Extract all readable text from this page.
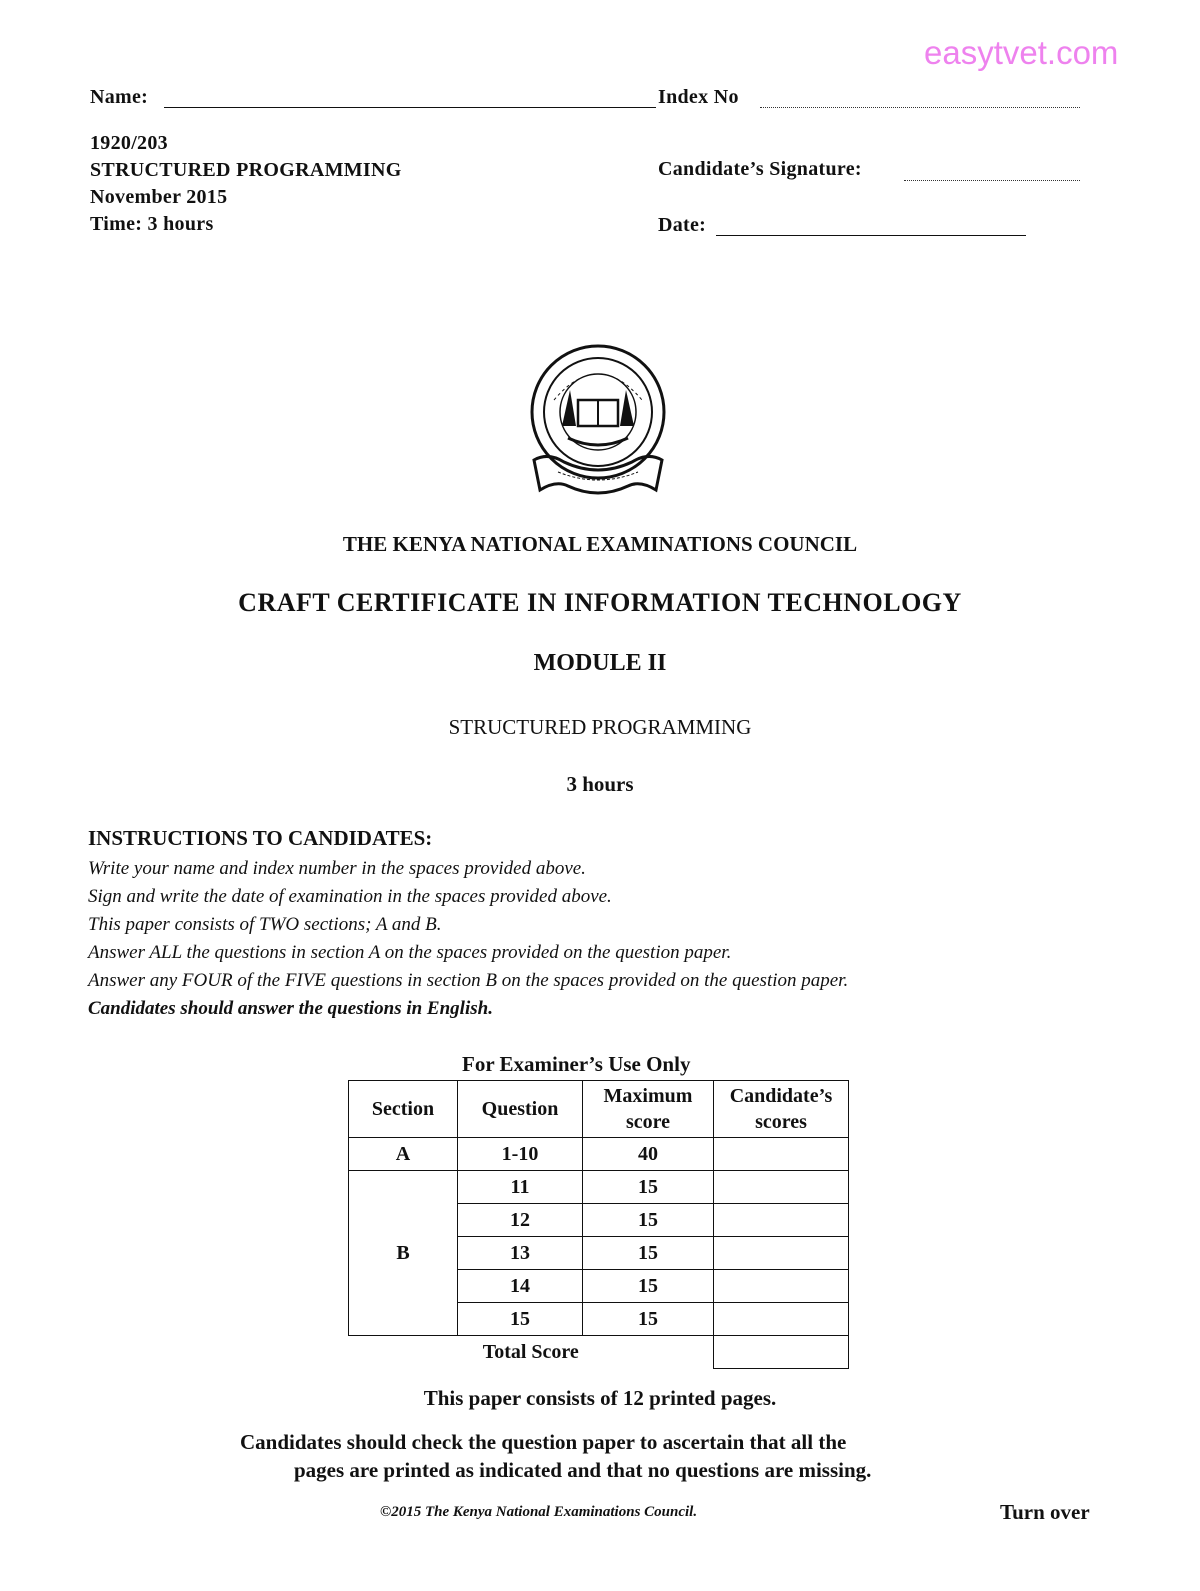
easytvet.com
Name:	Index No
1920/203
STRUCTURED PROGRAMMING
November 2015
Time: 3 hours
Candidate’s Signature:
Date:
THE KENYA NATIONAL EXAMINATIONS COUNCIL
CRAFT CERTIFICATE IN INFORMATION TECHNOLOGY
MODULE II
STRUCTURED PROGRAMMING
3 hours
INSTRUCTIONS TO CANDIDATES:
Write your name and index number in the spaces provided above.
Sign and write the date of examination in the spaces provided above.
This paper consists of TWO sections; A and B.
Answer ALL the questions in section A on the spaces provided on the question paper.
Answer any FOUR of the FIVE questions in section B on the spaces provided on the question paper.
Candidates should answer the questions in English.
For Examiner’s Use Only
Section	Question	Maximum score	Candidate’s scores
A	1-10	40	
B	11	15	
	12	15	
	13	15	
	14	15	
	15	15	
Total Score			
This paper consists of 12 printed pages.
Candidates should check the question paper to ascertain that all the
pages are printed as indicated and that no questions are missing.
©2015 The Kenya National Examinations Council.	Turn over
